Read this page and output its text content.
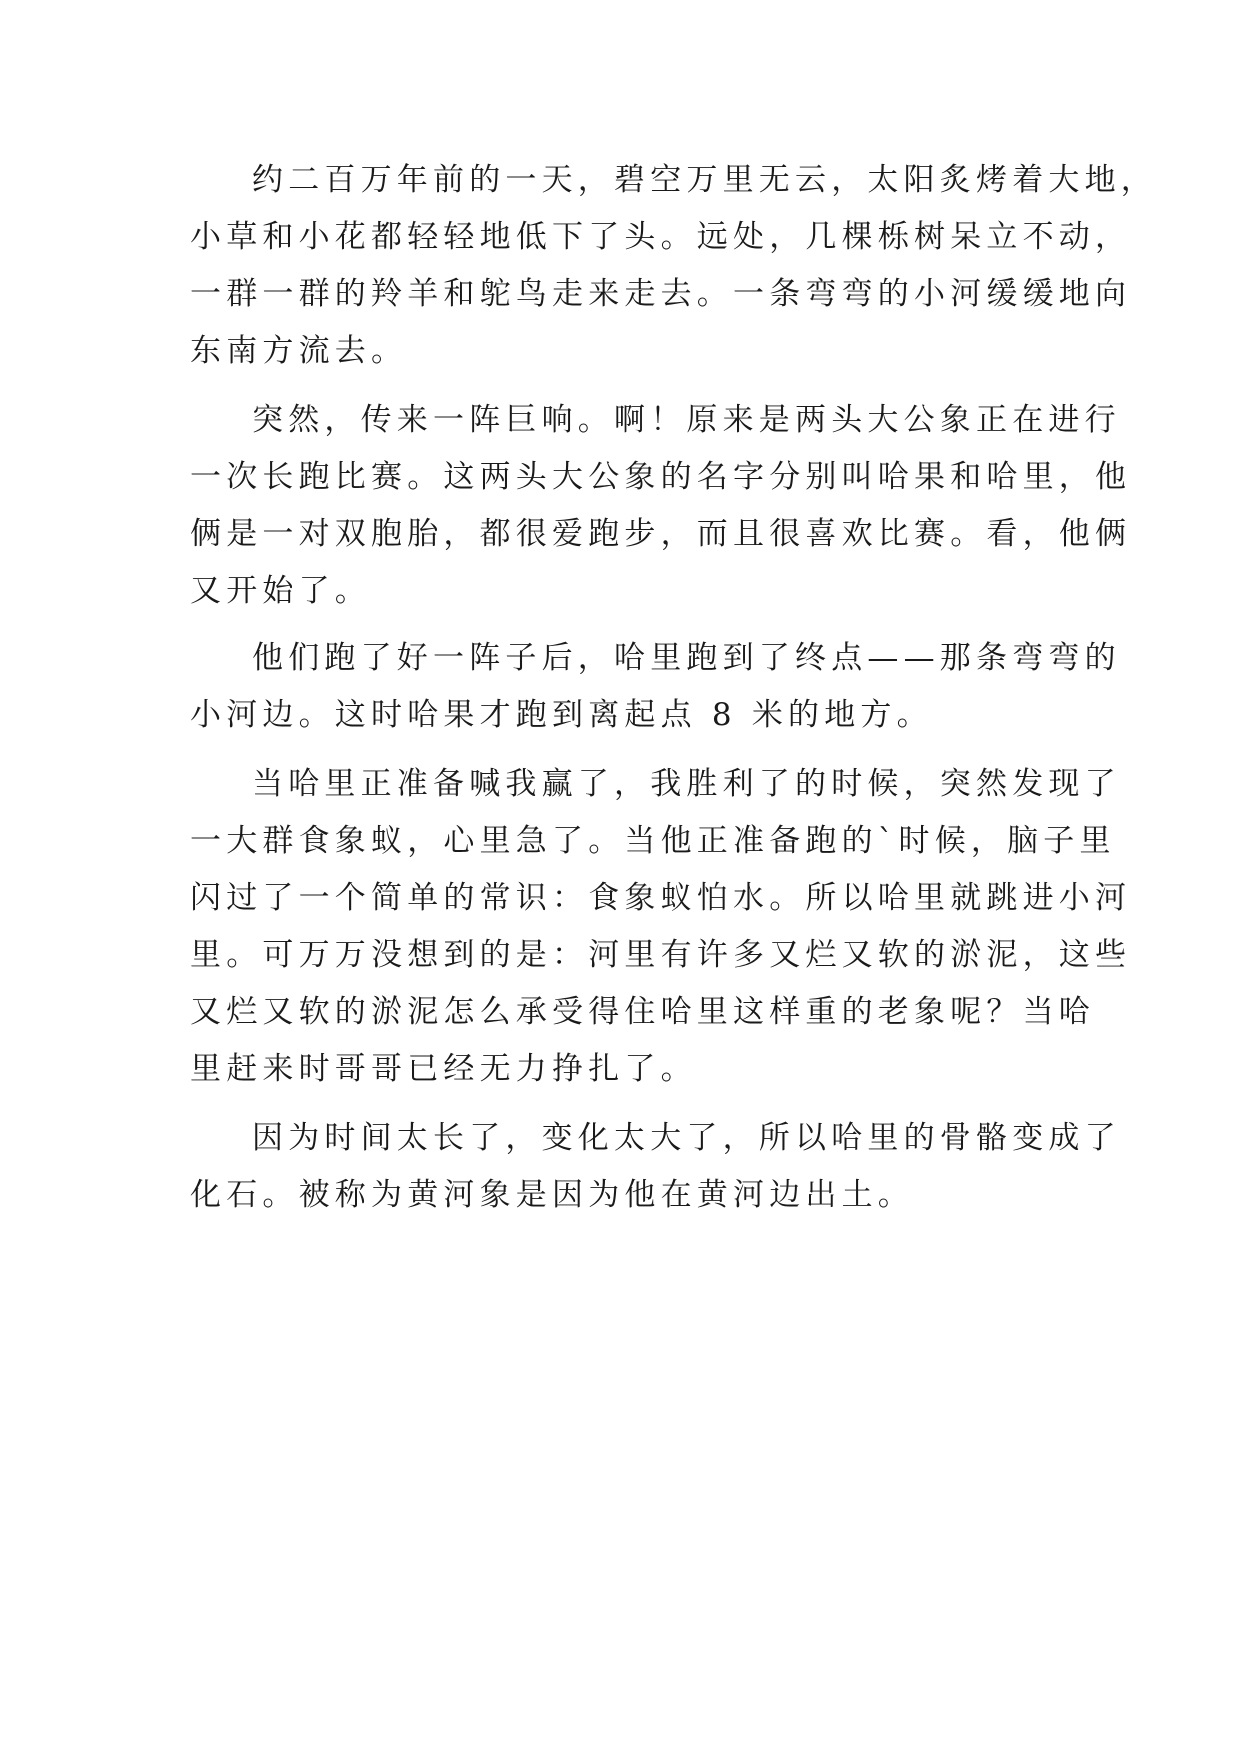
约二百万年前的一天，碧空万里无云，太阳炙烤着大地，
小草和小花都轻轻地低下了头。远处，几棵栎树呆立不动，
一群一群的羚羊和鸵鸟走来走去。一条弯弯的小河缓缓地向
东南方流去。
突然，传来一阵巨响。啊！原来是两头大公象正在进行
一次长跑比赛。这两头大公象的名字分别叫哈果和哈里，他
俩是一对双胞胎，都很爱跑步，而且很喜欢比赛。看，他俩
又开始了。
他们跑了好一阵子后，哈里跑到了终点——那条弯弯的
小河边。这时哈果才跑到离起点 8 米的地方。
当哈里正准备喊我赢了，我胜利了的时候，突然发现了
一大群食象蚁，心里急了。当他正准备跑的`时候，脑子里
闪过了一个简单的常识：食象蚁怕水。所以哈里就跳进小河
里。可万万没想到的是：河里有许多又烂又软的淤泥，这些
又烂又软的淤泥怎么承受得住哈里这样重的老象呢？当哈
里赶来时哥哥已经无力挣扎了。
因为时间太长了，变化太大了，所以哈里的骨骼变成了
化石。被称为黄河象是因为他在黄河边出土。
